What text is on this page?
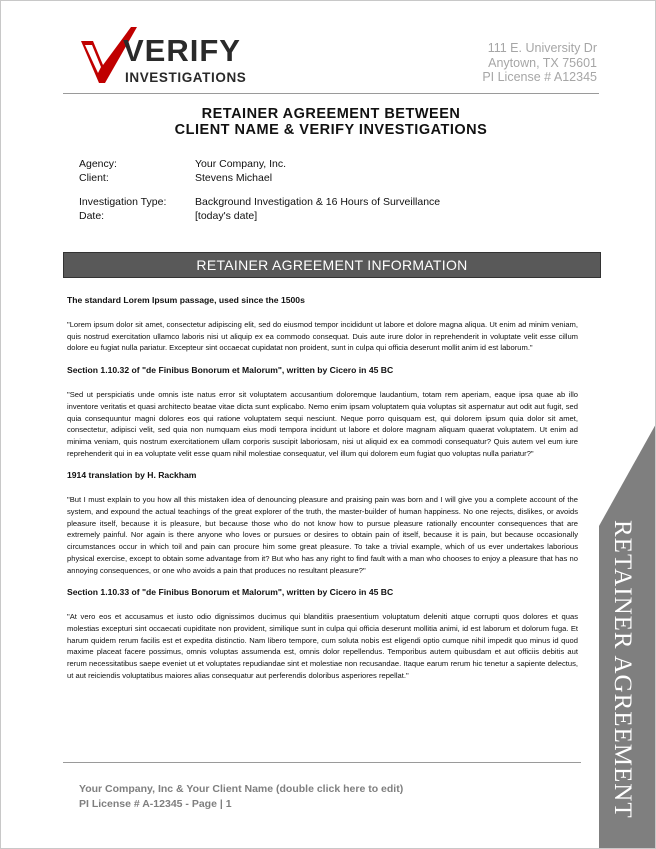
VERIFY
INVESTIGATIONS
111 E. University Dr
Anytown, TX 75601
PI License # A12345
RETAINER AGREEMENT BETWEEN
CLIENT NAME & VERIFY INVESTIGATIONS
Agency:	Your Company, Inc.
Client:	Stevens Michael
Investigation Type:	Background Investigation & 16 Hours of Surveillance
Date:	[today's date]
RETAINER AGREEMENT INFORMATION
The standard Lorem Ipsum passage, used since the 1500s

"Lorem ipsum dolor sit amet, consectetur adipiscing elit, sed do eiusmod tempor incididunt ut labore et dolore magna aliqua. Ut enim ad minim veniam, quis nostrud exercitation ullamco laboris nisi ut aliquip ex ea commodo consequat. Duis aute irure dolor in reprehenderit in voluptate velit esse cillum dolore eu fugiat nulla pariatur. Excepteur sint occaecat cupidatat non proident, sunt in culpa qui officia deserunt mollit anim id est laborum."

Section 1.10.32 of "de Finibus Bonorum et Malorum", written by Cicero in 45 BC

"Sed ut perspiciatis unde omnis iste natus error sit voluptatem accusantium doloremque laudantium, totam rem aperiam, eaque ipsa quae ab illo inventore veritatis et quasi architecto beatae vitae dicta sunt explicabo. Nemo enim ipsam voluptatem quia voluptas sit aspernatur aut odit aut fugit, sed quia consequuntur magni dolores eos qui ratione voluptatem sequi nesciunt. Neque porro quisquam est, qui dolorem ipsum quia dolor sit amet, consectetur, adipisci velit, sed quia non numquam eius modi tempora incidunt ut labore et dolore magnam aliquam quaerat voluptatem. Ut enim ad minima veniam, quis nostrum exercitationem ullam corporis suscipit laboriosam, nisi ut aliquid ex ea commodi consequatur? Quis autem vel eum iure reprehenderit qui in ea voluptate velit esse quam nihil molestiae consequatur, vel illum qui dolorem eum fugiat quo voluptas nulla pariatur?"

1914 translation by H. Rackham

"But I must explain to you how all this mistaken idea of denouncing pleasure and praising pain was born and I will give you a complete account of the system, and expound the actual teachings of the great explorer of the truth, the master-builder of human happiness. No one rejects, dislikes, or avoids pleasure itself, because it is pleasure, but because those who do not know how to pursue pleasure rationally encounter consequences that are extremely painful. Nor again is there anyone who loves or pursues or desires to obtain pain of itself, because it is pain, but because occasionally circumstances occur in which toil and pain can procure him some great pleasure. To take a trivial example, which of us ever undertakes laborious physical exercise, except to obtain some advantage from it? But who has any right to find fault with a man who chooses to enjoy a pleasure that has no annoying consequences, or one who avoids a pain that produces no resultant pleasure?"

Section 1.10.33 of "de Finibus Bonorum et Malorum", written by Cicero in 45 BC

"At vero eos et accusamus et iusto odio dignissimos ducimus qui blanditiis praesentium voluptatum deleniti atque corrupti quos dolores et quas molestias excepturi sint occaecati cupiditate non provident, similique sunt in culpa qui officia deserunt mollitia animi, id est laborum et dolorum fuga. Et harum quidem rerum facilis est et expedita distinctio. Nam libero tempore, cum soluta nobis est eligendi optio cumque nihil impedit quo minus id quod maxime placeat facere possimus, omnis voluptas assumenda est, omnis dolor repellendus. Temporibus autem quibusdam et aut officiis debitis aut rerum necessitatibus saepe eveniet ut et voluptates repudiandae sint et molestiae non recusandae. Itaque earum rerum hic tenetur a sapiente delectus, ut aut reiciendis voluptatibus maiores alias consequatur aut perferendis doloribus asperiores repellat."	RETAINER AGREEMENT
Your Company, Inc & Your Client Name (double click here to edit)
PI License # A-12345 - Page | 1
